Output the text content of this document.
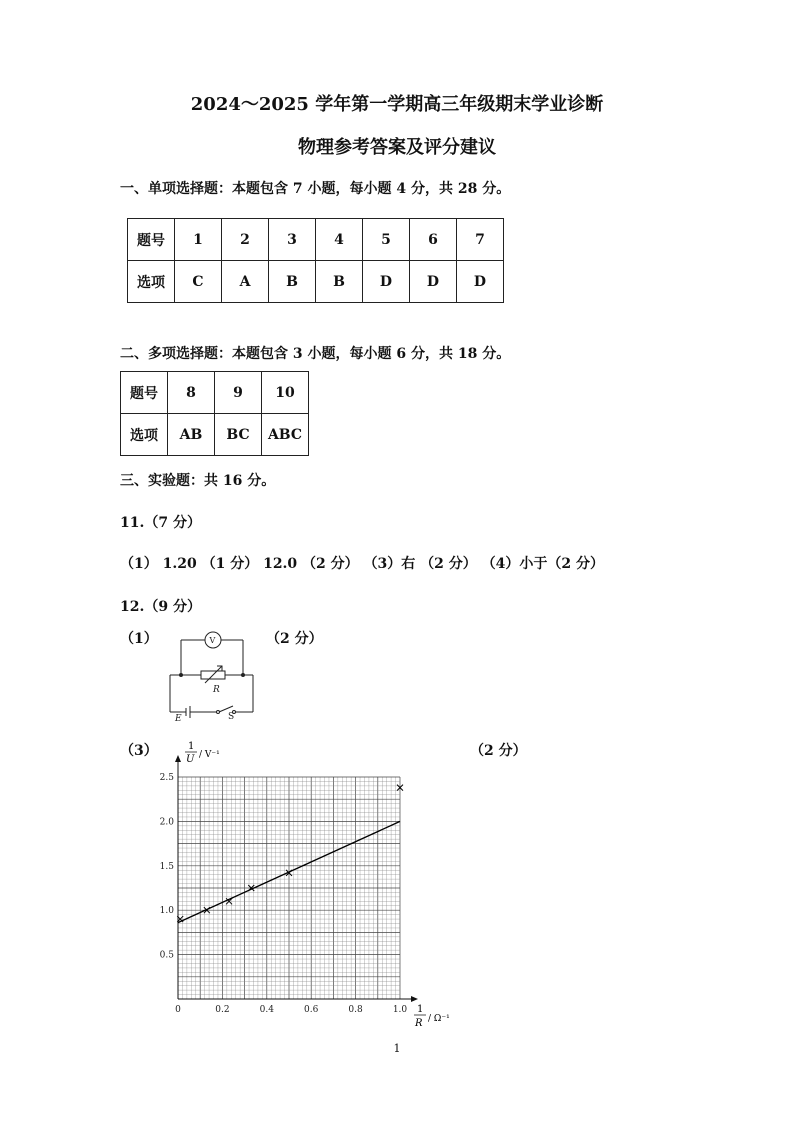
2024～2025 学年第一学期高三年级期末学业诊断
物理参考答案及评分建议
一、单项选择题：本题包含 7 小题，每小题 4 分，共 28 分。
题号	1	2	3	4	5	6	7
选项	C	A	B	B	D	D	D
二、多项选择题：本题包含 3 小题，每小题 6 分，共 18 分。
题号	8	9	10
选项	AB	BC	ABC
三、实验题：共 16 分。
11.（7 分）
（1） 1.20 （1 分） 12.0 （2 分） （3）右 （2 分） （4）小于（2 分）
12.（9 分）
（1）	（2 分）
V
R
E	S
（3）	（2 分）
0	0.2	0.4	0.6	0.8	1.0
0.5
1.0
1.5
2.0
2.5
1
U / V⁻¹
1
R / Ω⁻¹
1
